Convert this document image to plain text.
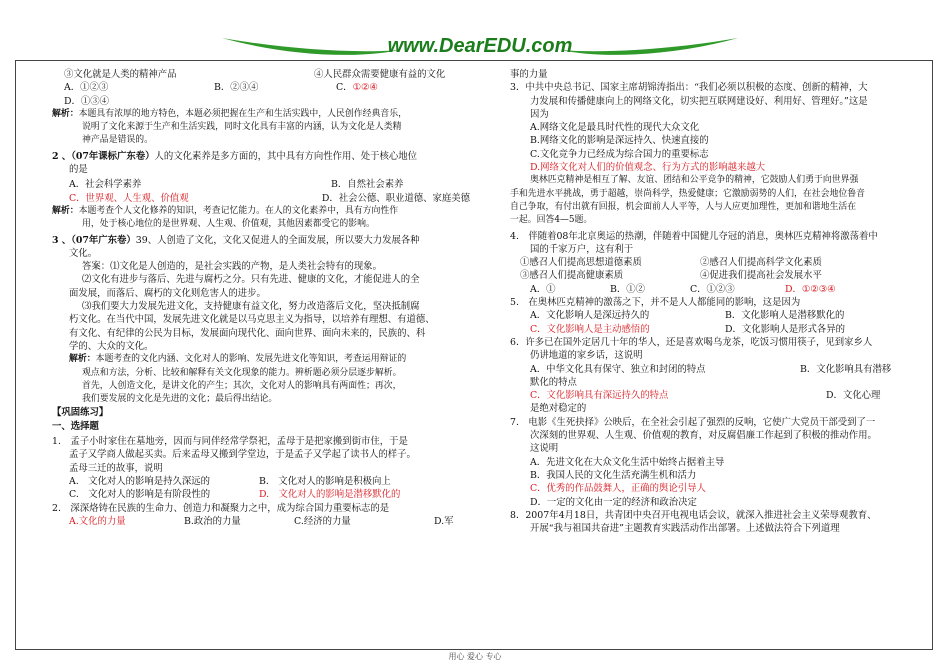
www.DearEDU.com
③文化就是人类的精神产品	④人民群众需要健康有益的文化
A．①②③	B．②③④	C． ①②④
D．①③④
解析： 本题具有浓厚的地方特色，本题必须把握在生产和生活实践中，人民创作经典音乐，
说明了文化来源于生产和生活实践，同时文化具有丰富的内涵，认为文化是人类精
神产品是错误的。
2 、（07年课标广东卷） 人的文化素养是多方面的，其中具有方向性作用、处于核心地位
的是
A．社会科学素养	B．自然社会素养
C．世界观、人生观、价值观	D．社会公德、职业道德、家庭美德
解析： 本题考查个人文化修养的知识，考查记忆能力。在人的文化素养中，具有方向性作
用，处于核心地位的是世界观、人生观、价值观，其他因素都受它的影响。
3 、（07年广东卷） 39、人创造了文化，文化又促进人的全面发展，所以要大力发展各种
文化。
答案：⑴文化是人创造的，是社会实践的产物，是人类社会特有的现象。
⑵文化有进步与落后、先进与腐朽之分。只有先进、健康的文化，才能促进人的全
面发展，而落后、腐朽的文化则危害人的进步。
⑶我们要大力发展先进文化，支持健康有益文化，努力改造落后文化，坚决抵制腐
朽文化。在当代中国，发展先进文化就是以马克思主义为指导，以培养有理想、有道德、
有文化、有纪律的公民为目标，发展面向现代化、面向世界、面向未来的，民族的、科
学的、大众的文化。
解析： 本题考查的文化内涵、文化对人的影响、发展先进文化等知识，考查运用辩证的
观点和方法，分析、比较和解释有关文化现象的能力。辨析题必须分层逐步解析。
首先，人创造文化，是讲文化的产生；其次，文化对人的影响具有两面性；再次，
我们要发展的文化是先进的文化；最后得出结论。
【巩固练习】
一、选择题
1.　孟子小时家住在墓地旁，因而与同伴经常学祭祀，孟母于是把家搬到街市住，于是
孟子又学商人做起买卖。后来孟母又搬到学堂边，于是孟子又学起了读书人的样子。
孟母三迁的故事，说明
A.　文化对人的影响是持久深远的	B.　文化对人的影响是积极向上
C.　文化对人的影响是有阶段性的	D.　文化对人的影响是潜移默化的
2.　深深烙铸在民族的生命力、创造力和凝聚力之中，成为综合国力重要标志的是
A.文化的力量	B.政治的力量	C.经济的力量	D.军
事的力量
3．中共中央总书记、国家主席胡锦涛指出：“我们必须以积极的态度、创新的精神，大
力发展和传播健康向上的网络文化，切实把互联网建设好、利用好、管理好。”这是
因为
A.网络文化是最具时代性的现代大众文化
B.网络文化的影响是深远持久、快速直接的
C.文化竞争力已经成为综合国力的重要标志
D.网络文化对人们的价值观念、行为方式的影响越来越大
奥林匹克精神是相互了解、友谊、团结和公平竞争的精神，它鼓励人们勇于向世界强
手和先进水平挑战，勇于超越，崇尚科学，热爱健康；它激励弱势的人们，在社会地位鲁音
自己争取，有付出就有回报，机会面前人人平等，人与人应更加理性，更加和谐地生活在
一起。回答4—5题。
4.　伴随着08年北京奥运的热潮，伴随着中国健儿夺冠的消息，奥林匹克精神将激荡着中
国的千家万户，这有利于
①感召人们提高思想道德素质	②感召人们提高科学文化素质
③感召人们提高健康素质	④促进我们提高社会发展水平
A．①	B．①②	C．①②③	D． ①②③④
5.　在奥林匹克精神的激荡之下，并不是人人都能同的影响，这是因为
A．文化影响人是深远持久的	B．文化影响人是潜移默化的
C．文化影响人是主动感悟的	D．文化影响人是形式各异的
6．许多已在国外定居几十年的华人，还是喜欢喝乌龙茶，吃饭习惯用筷子，见到家乡人
仍讲地道的家乡话，这说明
A．中华文化具有保守、独立和封闭的特点	B．文化影响具有潜移
默化的特点
C．文化影响具有深远持久的特点	D．文化心理
是绝对稳定的
7.　电影《生死抉择》公映后，在全社会引起了强烈的反响，它使广大党员干部受到了一
次深刻的世界观、人生观、价值观的教育，对反腐倡廉工作起到了积极的推动作用。
这说明
A．先进文化在大众文化生活中始终占据着主导
B．我国人民的文化生活充满生机和活力
C．优秀的作品鼓舞人，正确的舆论引导人
D．一定的文化由一定的经济和政治决定
8．2007年4月18日，共青团中央召开电视电话会议，就深入推进社会主义荣辱观教育、
开展“我与祖国共奋进”主题教育实践活动作出部署。上述做法符合下列道理
用心 爱心 专心
